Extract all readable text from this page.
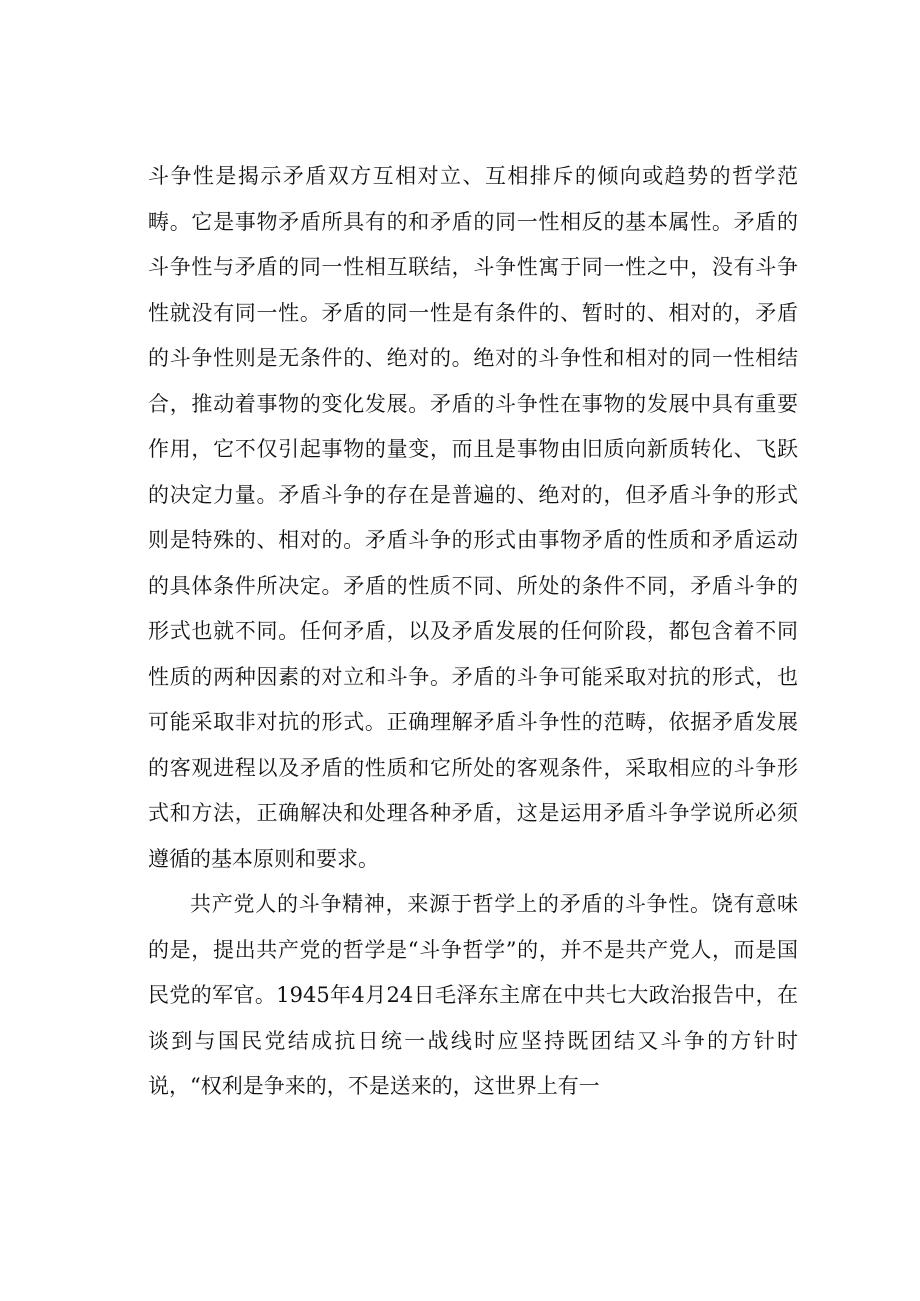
斗争性是揭示矛盾双方互相对立、互相排斥的倾向或趋势的哲学范畴。它是事物矛盾所具有的和矛盾的同一性相反的基本属性。矛盾的斗争性与矛盾的同一性相互联结，斗争性寓于同一性之中，没有斗争性就没有同一性。矛盾的同一性是有条件的、暂时的、相对的，矛盾的斗争性则是无条件的、绝对的。绝对的斗争性和相对的同一性相结合，推动着事物的变化发展。矛盾的斗争性在事物的发展中具有重要作用，它不仅引起事物的量变，而且是事物由旧质向新质转化、飞跃的决定力量。矛盾斗争的存在是普遍的、绝对的，但矛盾斗争的形式则是特殊的、相对的。矛盾斗争的形式由事物矛盾的性质和矛盾运动的具体条件所决定。矛盾的性质不同、所处的条件不同，矛盾斗争的形式也就不同。任何矛盾，以及矛盾发展的任何阶段，都包含着不同性质的两种因素的对立和斗争。矛盾的斗争可能采取对抗的形式，也可能采取非对抗的形式。正确理解矛盾斗争性的范畴，依据矛盾发展的客观进程以及矛盾的性质和它所处的客观条件，采取相应的斗争形式和方法，正确解决和处理各种矛盾，这是运用矛盾斗争学说所必须遵循的基本原则和要求。

共产党人的斗争精神，来源于哲学上的矛盾的斗争性。饶有意味的是，提出共产党的哲学是“斗争哲学”的，并不是共产党人，而是国民党的军官。1945年4月24日毛泽东主席在中共七大政治报告中，在谈到与国民党结成抗日统一战线时应坚持既团结又斗争的方针时说，“权利是争来的，不是送来的，这世界上有一
